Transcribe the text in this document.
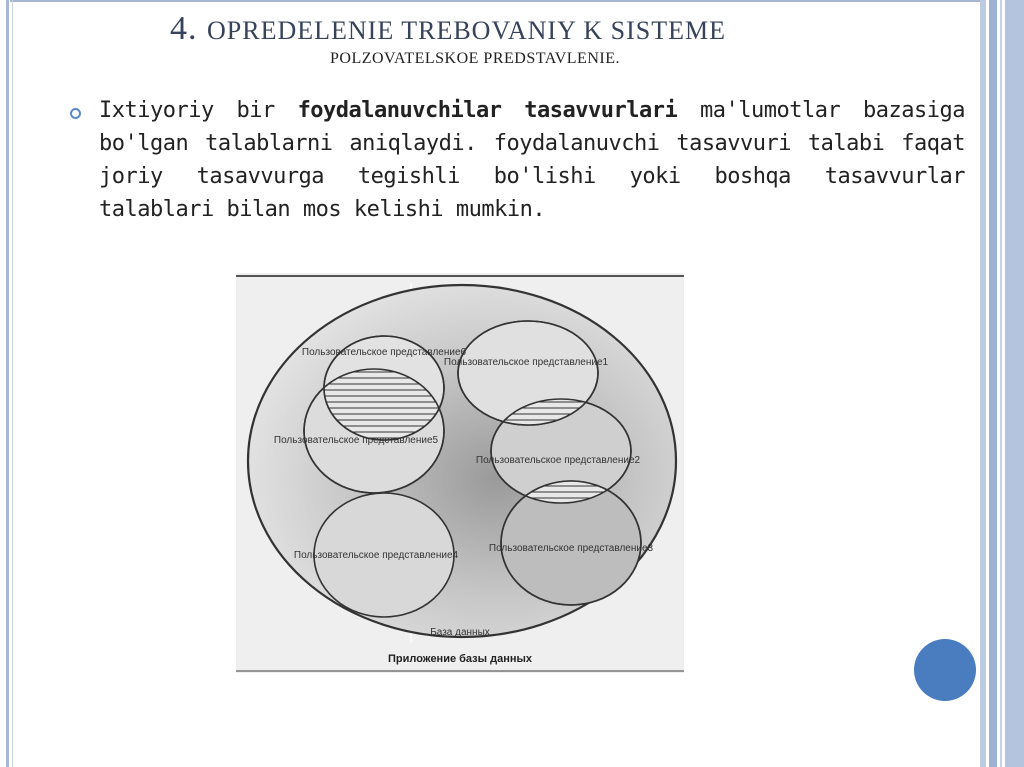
4. OPREDELENIE TREBOVANIY K SISTEME
POLZOVATELSKOE PREDSTAVLENIE.
Ixtiyoriy bir foydalanuvchilar tasavvurlari ma'lumotlar bazasiga bo'lgan talablarni aniqlaydi. foydalanuvchi tasavvuri talabi faqat joriy tasavvurga tegishli bo'lishi yoki boshqa tasavvurlar talablari bilan mos kelishi mumkin.
Пользовательское представление6
Пользовательское представление5
Пользовательское представление4
Пользовательское представление1
Пользовательское представление2
Пользовательское представление3
База данных
Приложение базы данных
